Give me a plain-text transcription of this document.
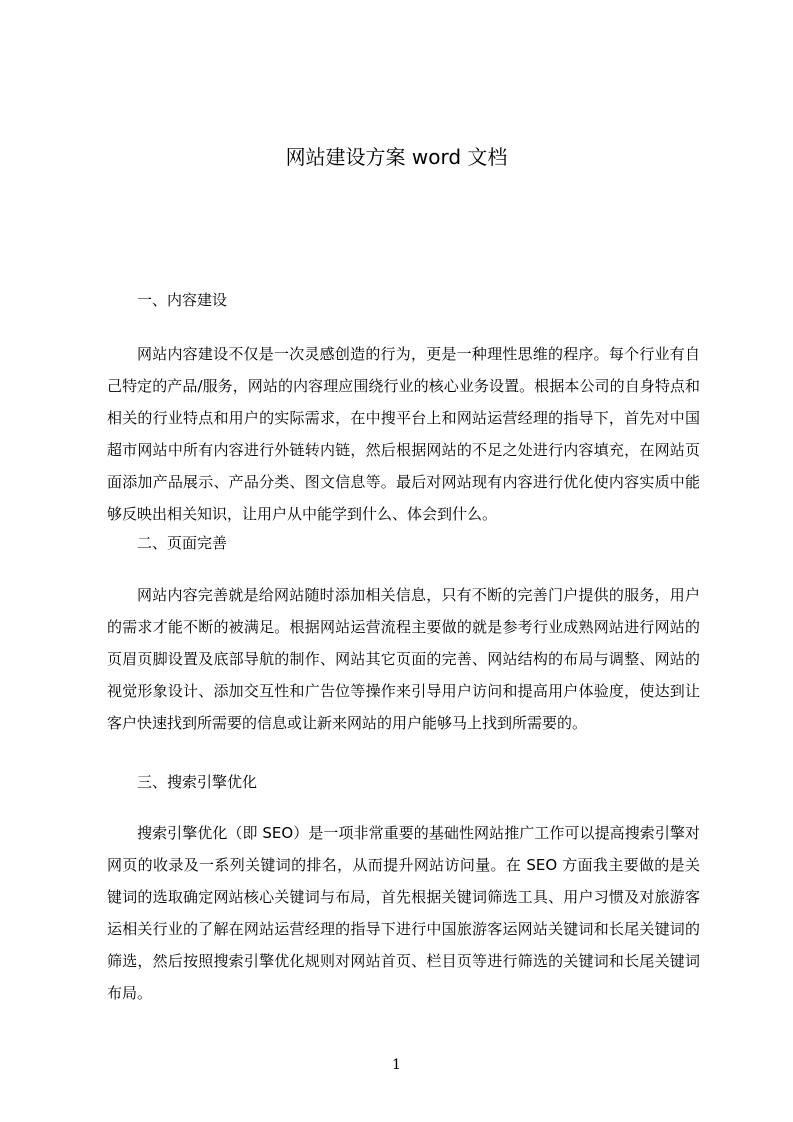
网站建设方案 word 文档
一、内容建设
网站内容建设不仅是一次灵感创造的行为，更是一种理性思维的程序。每个行业有自己特定的产品/服务，网站的内容理应围绕行业的核心业务设置。根据本公司的自身特点和相关的行业特点和用户的实际需求，在中搜平台上和网站运营经理的指导下，首先对中国超市网站中所有内容进行外链转内链，然后根据网站的不足之处进行内容填充，在网站页面添加产品展示、产品分类、图文信息等。最后对网站现有内容进行优化使内容实质中能够反映出相关知识，让用户从中能学到什么、体会到什么。
二、页面完善
网站内容完善就是给网站随时添加相关信息，只有不断的完善门户提供的服务，用户的需求才能不断的被满足。根据网站运营流程主要做的就是参考行业成熟网站进行网站的页眉页脚设置及底部导航的制作、网站其它页面的完善、网站结构的布局与调整、网站的视觉形象设计、添加交互性和广告位等操作来引导用户访问和提高用户体验度，使达到让客户快速找到所需要的信息或让新来网站的用户能够马上找到所需要的。
三、搜索引擎优化
搜索引擎优化（即 SEO）是一项非常重要的基础性网站推广工作可以提高搜索引擎对网页的收录及一系列关键词的排名，从而提升网站访问量。在 SEO 方面我主要做的是关键词的选取确定网站核心关键词与布局，首先根据关键词筛选工具、用户习惯及对旅游客运相关行业的了解在网站运营经理的指导下进行中国旅游客运网站关键词和长尾关键词的筛选，然后按照搜索引擎优化规则对网站首页、栏目页等进行筛选的关键词和长尾关键词布局。
1
